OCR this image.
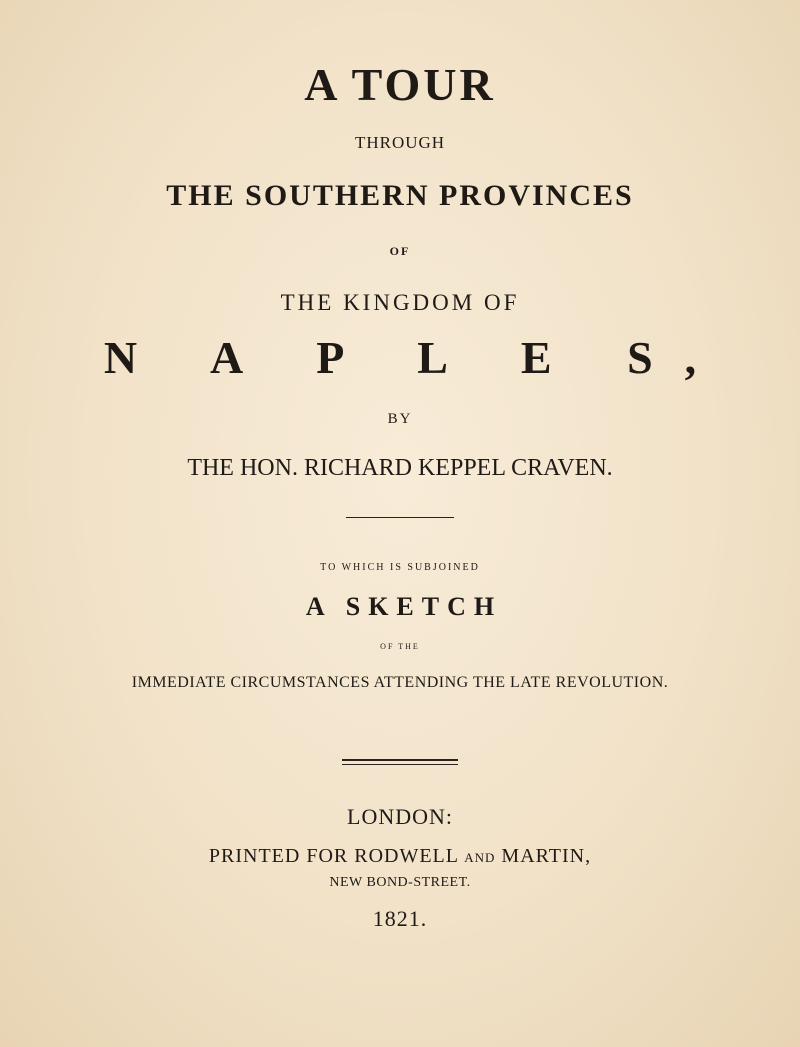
A TOUR
THROUGH
THE SOUTHERN PROVINCES
OF
THE KINGDOM OF
N A P L E S,
BY
THE HON. RICHARD KEPPEL CRAVEN.
TO WHICH IS SUBJOINED
A SKETCH
OF THE
IMMEDIATE CIRCUMSTANCES ATTENDING THE LATE REVOLUTION.
LONDON:
PRINTED FOR RODWELL AND MARTIN,
NEW BOND-STREET.
1821.
